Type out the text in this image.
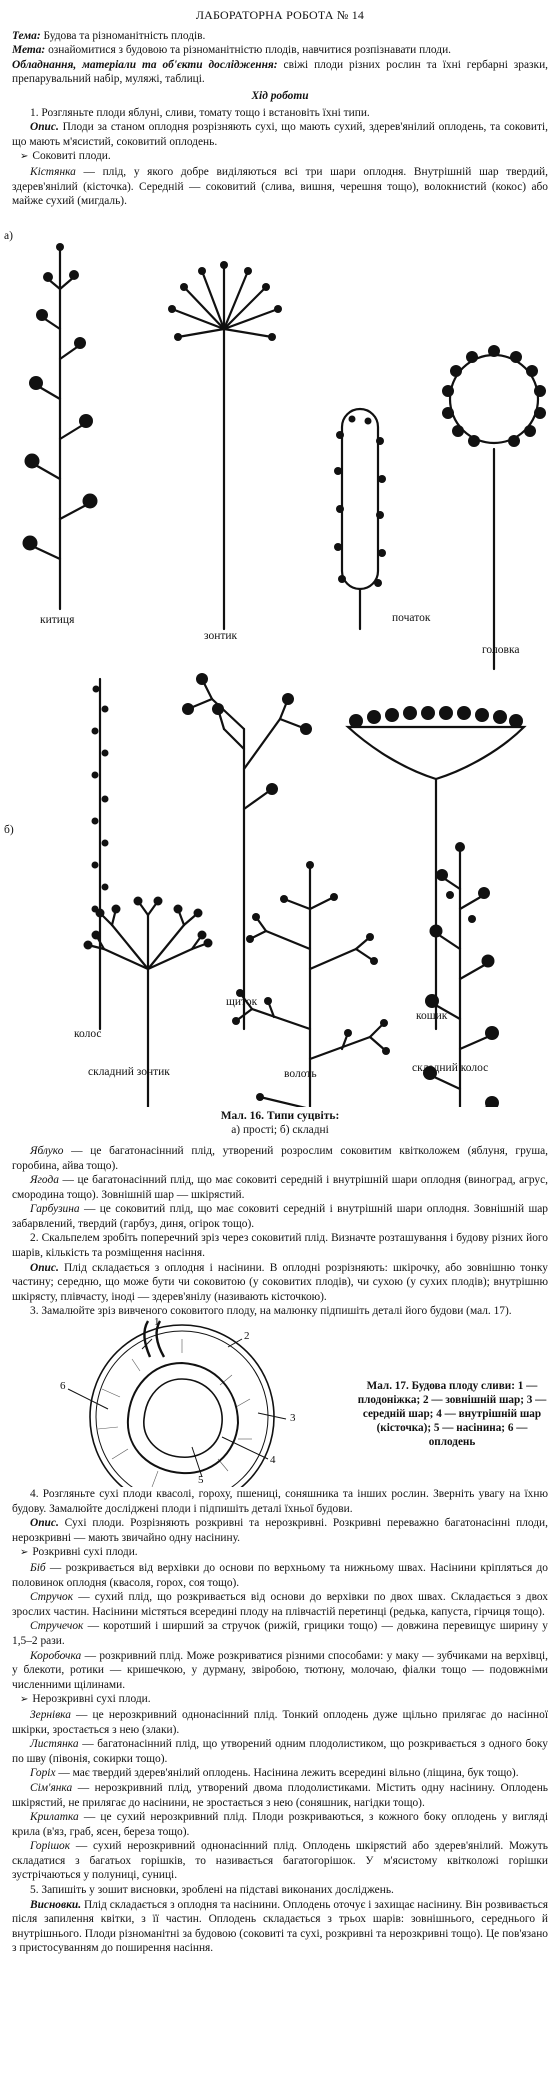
ЛАБОРАТОРНА РОБОТА № 14

Тема: Будова та різноманітність плодів.

Мета: ознайомитися з будовою та різноманітністю плодів, навчитися розпізнавати плоди.

Обладнання, матеріали та об'єкти дослідження: свіжі плоди різних рослин та їхні гербарні зразки, препарувальний набір, муляжі, таблиці.

Хід роботи

1. Розгляньте плоди яблуні, сливи, томату тощо і встановіть їхні типи.

Опис. Плоди за станом оплодня розрізняють сухі, що мають сухий, здерев'янілий оплодень, та соковиті, що мають м'ясистий, соковитий оплодень.

➢ Соковиті плоди.

Кістянка — плід, у якого добре виділяються всі три шари оплодня. Внутрішній шар твердий, здерев'янілий (кісточка). Середній — соковитий (слива, вишня, черешня тощо), волокнистий (кокос) або майже сухий (мигдаль).

а)
б)
китиця
зонтик
початок
головка
колос
щиток
кошик
складний зонтик	волоть	складний колос
Мал. 16. Типи суцвіть:
а) прості; б) складні

Яблуко — це багатонасінний плід, утворений розрослим соковитим квітколожем (яблуня, груша, горобина, айва тощо).

Ягода — це багатонасінний плід, що має соковиті середній і внутрішній шари оплодня (виноград, агрус, смородина тощо). Зовнішній шар — шкірястий.

Гарбузина — це соковитий плід, що має соковиті середній і внутрішній шари оплодня. Зовнішній шар забарвлений, твердий (гарбуз, диня, огірок тощо).

2. Скальпелем зробіть поперечний зріз через соковитий плід. Визначте розташування і будову різних його шарів, кількість та розміщення насіння.

Опис. Плід складається з оплодня і насінини. В оплодні розрізняють: шкірочку, або зовнішню тонку частину; середню, що може бути чи соковитою (у соковитих плодів), чи сухою (у сухих плодів); внутрішню шкірясту, плівчасту, іноді — здерев'янілу (називають кісточкою).

3. Замалюйте зріз вивченого соковитого плоду, на малюнку підпишіть деталі його будови (мал. 17).

1
2
3
4
5
6	Мал. 17. Будова плоду сливи: 1 — плодоніжка; 2 — зовнішній шар; 3 — середній шар; 4 — внутрішній шар (кісточка); 5 — насінина; 6 — оплодень

4. Розгляньте сухі плоди квасолі, гороху, пшениці, соняшника та інших рослин. Зверніть увагу на їхню будову. Замалюйте досліджені плоди і підпишіть деталі їхньої будови.

Опис. Сухі плоди. Розрізняють розкривні та нерозкривні. Розкривні переважно багатонасінні плоди, нерозкривні — мають звичайно одну насінину.

➢ Розкривні сухі плоди.

Біб — розкривається від верхівки до основи по верхньому та нижньому швах. Насінини кріпляться до половинок оплодня (квасоля, горох, соя тощо).

Стручок — сухий плід, що розкривається від основи до верхівки по двох швах. Складається з двох зрослих частин. Насінини містяться всередині плоду на плівчастій перетинці (редька, капуста, гірчиця тощо).

Стручечок — коротший і ширший за стручок (рижій, грицики тощо) — довжина перевищує ширину у 1,5–2 рази.

Коробочка — розкривний плід. Може розкриватися різними способами: у маку — зубчиками на верхівці, у блекоти, ротики — кришечкою, у дурману, звіробою, тютюну, молочаю, фіалки тощо — подовжніми численними щілинами.

➢ Нерозкривні сухі плоди.

Зернівка — це нерозкривний однонасінний плід. Тонкий оплодень дуже щільно прилягає до насінної шкірки, зростається з нею (злаки).

Листянка — багатонасінний плід, що утворений одним плодолистиком, що розкривається з одного боку по шву (півонія, сокирки тощо).

Горіх — має твердий здерев'янілий оплодень. Насінина лежить всередині вільно (ліщина, бук тощо).

Сім'янка — нерозкривний плід, утворений двома плодолистиками. Містить одну насінину. Оплодень шкірястий, не прилягає до насінини, не зростається з нею (соняшник, нагідки тощо).

Крилатка — це сухий нерозкривний плід. Плоди розкриваються, з кожного боку оплодень у вигляді крила (в'яз, граб, ясен, береза тощо).

Горішок — сухий нерозкривний однонасінний плід. Оплодень шкірястий або здерев'янілий. Можуть складатися з багатьох горішків, то називається багатогорішок. У м'ясистому квітколожі горішки зустрічаються у полуниці, суниці.

5. Запишіть у зошит висновки, зроблені на підставі виконаних досліджень.

Висновки. Плід складається з оплодня та насінини. Оплодень оточує і захищає насінину. Він розвивається після запилення квітки, з її частин. Оплодень складається з трьох шарів: зовнішнього, середнього й внутрішнього. Плоди різноманітні за будовою (соковиті та сухі, розкривні та нерозкривні тощо). Це пов'язано з пристосуванням до поширення насіння.
